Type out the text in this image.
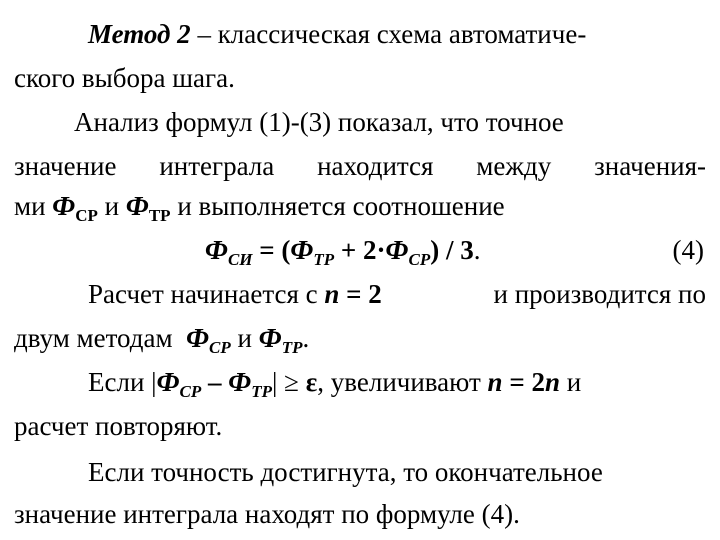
Метод 2 – классическая схема автоматиче-
ского выбора шага.
Анализ формул (1)-(3) показал, что точное
значение интеграла находится между значения-
ми $Ф_{СР}$ и $Ф_{ТР}$ и выполняется соотношение
$Ф_{СИ} = (Ф_{ТР} + 2\cdot Ф_{СР}) / 3$.	(4)
Расчет начинается с n = 2	и производится по
двум методам  $Ф_{СР}$ и $Ф_{ТР}$.
Если $|Ф_{СР} - Ф_{ТР}| \ge \varepsilon$, увеличивают n = 2n и
расчет повторяют.
Если точность достигнута, то окончательное
значение интеграла находят по формуле (4).
